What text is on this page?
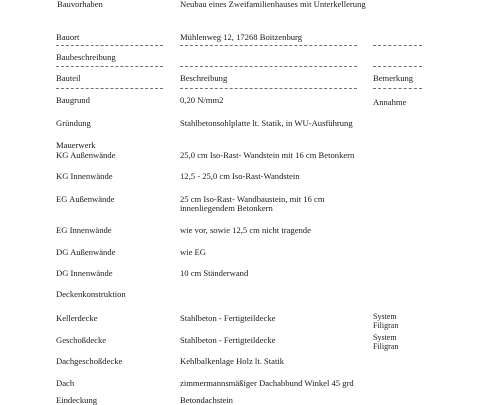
Bauvorhaben	Neubau eines Zweifamilienhauses mit Unterkellerung
Bauort	Mühlenweg 12, 17268 Boitzenburg
Baubeschreibung
Bauteil	Beschreibung	Bemerkung
Baugrund	0,20 N/mm2	Annahme
Gründung	Stahlbetonsohlplatte lt. Statik, in WU-Ausführung
Mauerwerk
KG Außenwände	25,0 cm Iso-Rast- Wandstein mit 16 cm Betonkern
KG Innenwände	12,5 - 25,0 cm Iso-Rast-Wandstein
EG Außenwände	25 cm Iso-Rast- Wandbaustein, mit 16 cm innenliegendem Betonkern
EG Innenwände	wie vor, sowie 12,5 cm nicht tragende
DG Außenwände	wie EG
DG Innenwände	10 cm Ständerwand
Deckenkonstruktion
Kellerdecke	Stahlbeton - Fertigteildecke	System Filigran
Geschoßdecke	Stahlbeton - Fertigteildecke	System Filigran
Dachgeschoßdecke	Kehlbalkenlage Holz lt. Statik
Dach	zimmermannsmäßiger Dachabbund Winkel 45 grd
Eindeckung	Betondachstein
